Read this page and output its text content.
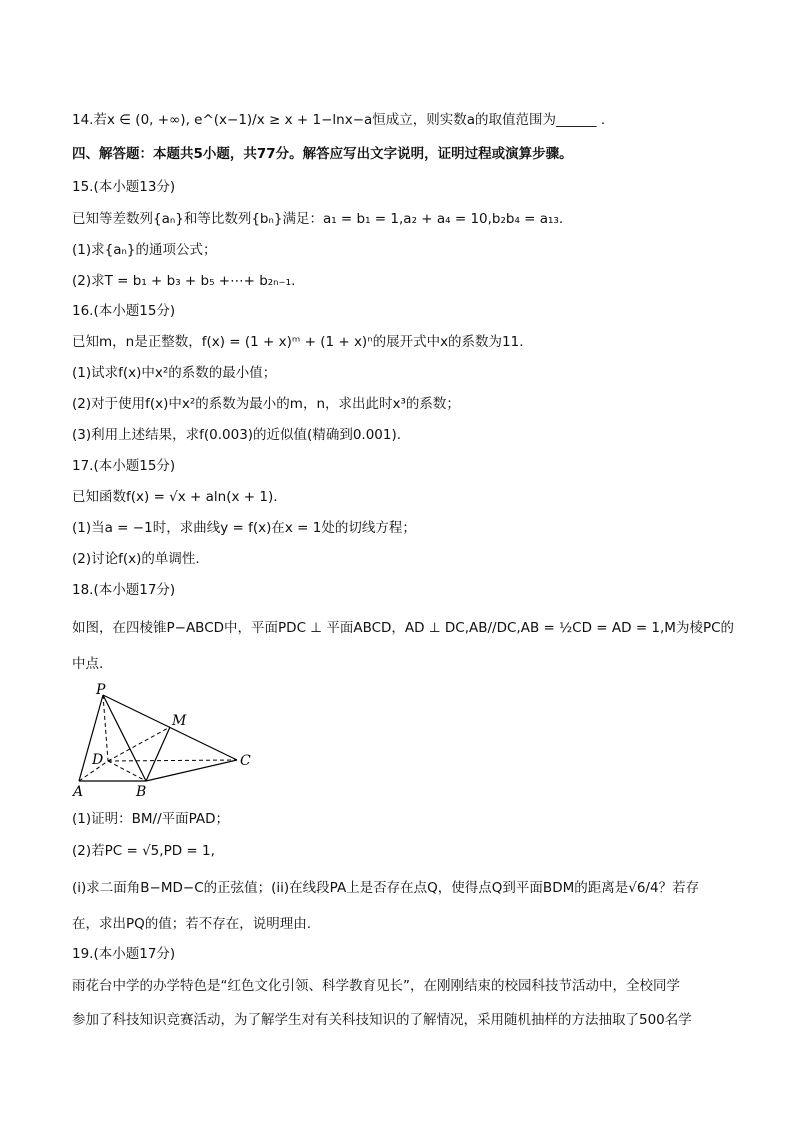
14.若x ∈ (0, +∞), e^(x−1)/x ≥ x + 1−lnx−a恒成立，则实数a的取值范围为______ .
四、解答题：本题共5小题，共77分。解答应写出文字说明，证明过程或演算步骤。
15.(本小题13分)
已知等差数列{aₙ}和等比数列{bₙ}满足：a₁ = b₁ = 1,a₂ + a₄ = 10,b₂b₄ = a₁₃.
(1)求{aₙ}的通项公式；
(2)求T = b₁ + b₃ + b₅ +⋯+ b₂ₙ₋₁.
16.(本小题15分)
已知m，n是正整数，f(x) = (1 + x)ᵐ + (1 + x)ⁿ的展开式中x的系数为11.
(1)试求f(x)中x²的系数的最小值；
(2)对于使用f(x)中x²的系数为最小的m，n，求出此时x³的系数；
(3)利用上述结果，求f(0.003)的近似值(精确到0.001).
17.(本小题15分)
已知函数f(x) = √x + aln(x + 1).
(1)当a = −1时，求曲线y = f(x)在x = 1处的切线方程；
(2)讨论f(x)的单调性.
18.(本小题17分)
如图，在四棱锥P−ABCD中，平面PDC ⊥ 平面ABCD，AD ⊥ DC,AB//DC,AB = ½CD = AD = 1,M为棱PC的
中点.
P
M
D	C
A	B
(1)证明：BM//平面PAD；
(2)若PC = √5,PD = 1,
(i)求二面角B−MD−C的正弦值；(ii)在线段PA上是否存在点Q，使得点Q到平面BDM的距离是√6/4？若存
在，求出PQ的值；若不存在，说明理由.
19.(本小题17分)
雨花台中学的办学特色是“红色文化引领、科学教育见长”，在刚刚结束的校园科技节活动中，全校同学
参加了科技知识竞赛活动，为了解学生对有关科技知识的了解情况，采用随机抽样的方法抽取了500名学
